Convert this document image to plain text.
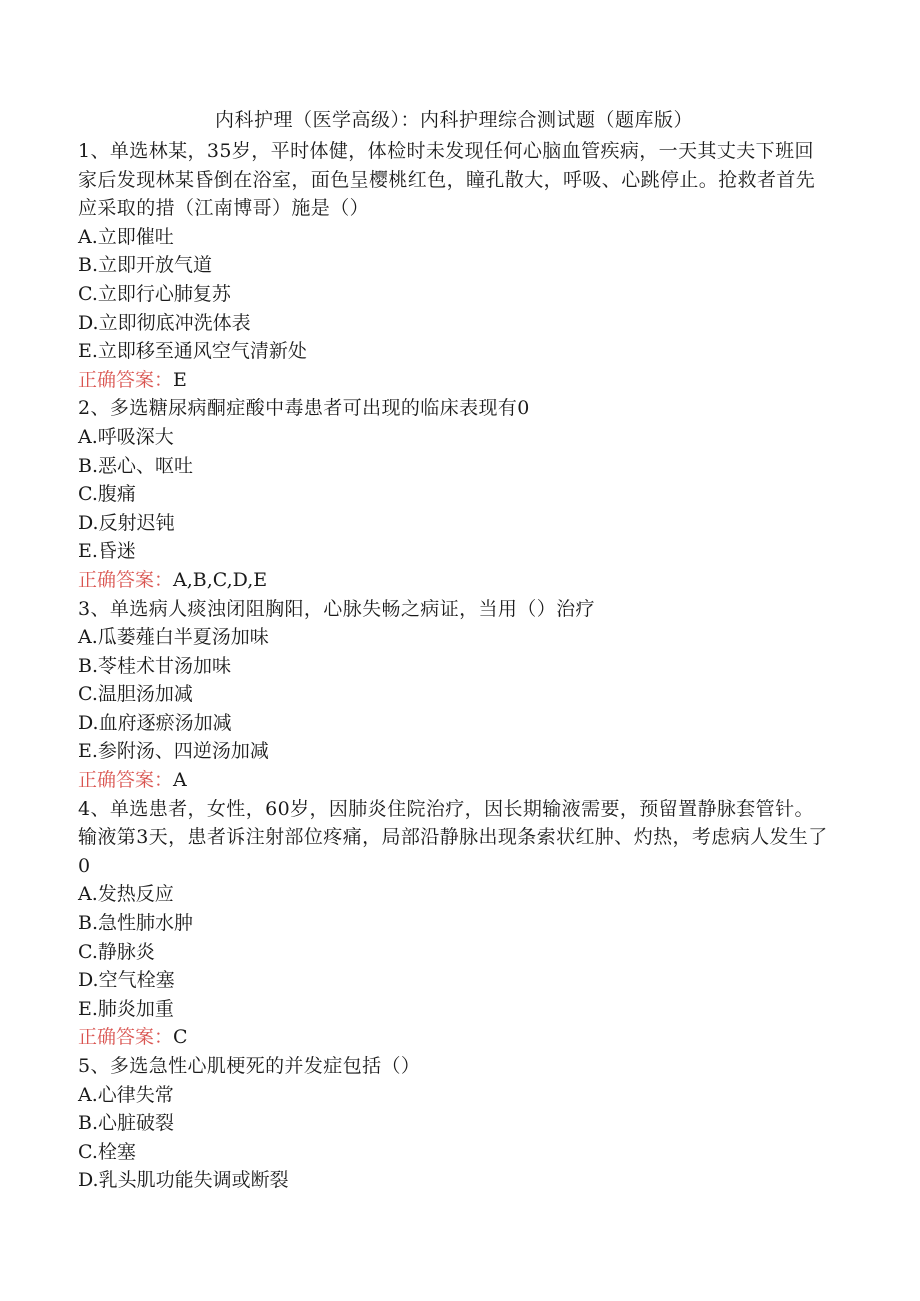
内科护理（医学高级）：内科护理综合测试题（题库版）

1、单选林某，35岁，平时体健，体检时未发现任何心脑血管疾病，一天其丈夫下班回家后发现林某昏倒在浴室，面色呈樱桃红色，瞳孔散大，呼吸、心跳停止。抢救者首先应采取的措（江南博哥）施是（）

A.立即催吐

B.立即开放气道

C.立即行心肺复苏

D.立即彻底冲洗体表

E.立即移至通风空气清新处

正确答案：E

2、多选糖尿病酮症酸中毒患者可出现的临床表现有0

A.呼吸深大

B.恶心、呕吐

C.腹痛

D.反射迟钝

E.昏迷

正确答案：A,B,C,D,E

3、单选病人痰浊闭阻胸阳，心脉失畅之病证，当用（）治疗

A.瓜蒌薤白半夏汤加味

B.苓桂术甘汤加味

C.温胆汤加减

D.血府逐瘀汤加减

E.参附汤、四逆汤加减

正确答案：A

4、单选患者，女性，60岁，因肺炎住院治疗，因长期输液需要，预留置静脉套管针。输液第3天，患者诉注射部位疼痛，局部沿静脉出现条索状红肿、灼热，考虑病人发生了0

A.发热反应

B.急性肺水肿

C.静脉炎

D.空气栓塞

E.肺炎加重

正确答案：C

5、多选急性心肌梗死的并发症包括（）

A.心律失常

B.心脏破裂

C.栓塞

D.乳头肌功能失调或断裂
